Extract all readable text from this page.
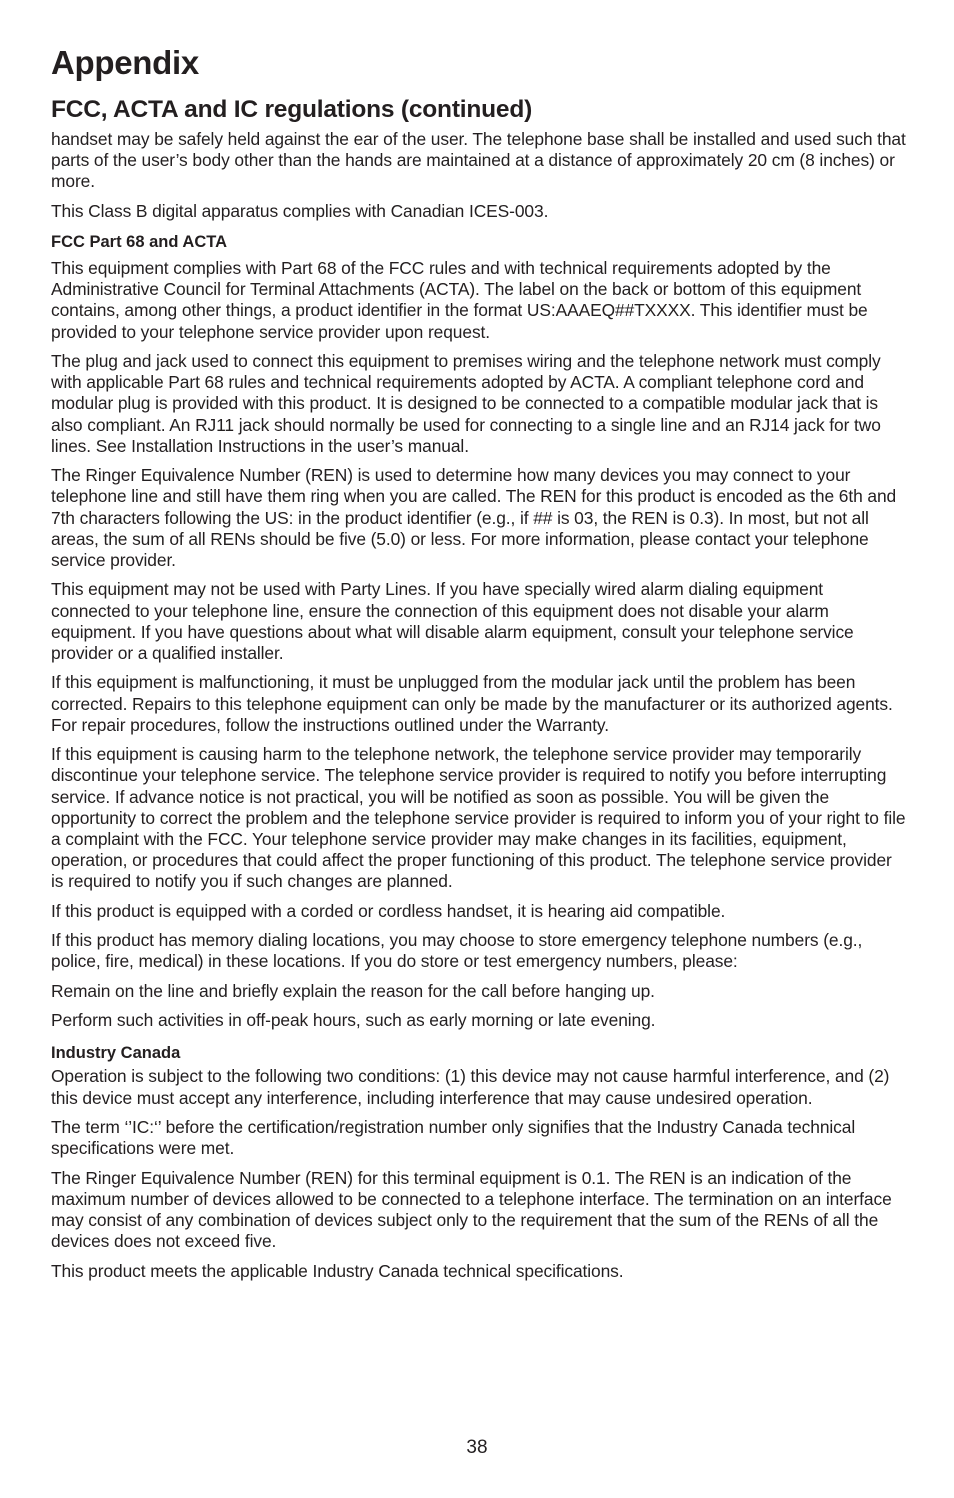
Appendix
FCC, ACTA and IC regulations (continued)

handset may be safely held against the ear of the user. The telephone base shall be installed and used such that parts of the user’s body other than the hands are maintained at a distance of approximately 20 cm (8 inches) or more.

This Class B digital apparatus complies with Canadian ICES-003.

FCC Part 68 and ACTA

This equipment complies with Part 68 of the FCC rules and with technical requirements adopted by the Administrative Council for Terminal Attachments (ACTA). The label on the back or bottom of this equipment contains, among other things, a product identifier in the format US:AAAEQ##TXXXX. This identifier must be provided to your telephone service provider upon request.

The plug and jack used to connect this equipment to premises wiring and the telephone network must comply with applicable Part 68 rules and technical requirements adopted by ACTA. A compliant telephone cord and modular plug is provided with this product. It is designed to be connected to a compatible modular jack that is also compliant. An RJ11 jack should normally be used for connecting to a single line and an RJ14 jack for two lines. See Installation Instructions in the user’s manual.

The Ringer Equivalence Number (REN) is used to determine how many devices you may connect to your telephone line and still have them ring when you are called. The REN for this product is encoded as the 6th and 7th characters following the US: in the product identifier (e.g., if ## is 03, the REN is 0.3). In most, but not all areas, the sum of all RENs should be five (5.0) or less. For more information, please contact your telephone service provider.

This equipment may not be used with Party Lines. If you have specially wired alarm dialing equipment connected to your telephone line, ensure the connection of this equipment does not disable your alarm equipment. If you have questions about what will disable alarm equipment, consult your telephone service provider or a qualified installer.

If this equipment is malfunctioning, it must be unplugged from the modular jack until the problem has been corrected. Repairs to this telephone equipment can only be made by the manufacturer or its authorized agents. For repair procedures, follow the instructions outlined under the Warranty.

If this equipment is causing harm to the telephone network, the telephone service provider may temporarily discontinue your telephone service. The telephone service provider is required to notify you before interrupting service. If advance notice is not practical, you will be notified as soon as possible. You will be given the opportunity to correct the problem and the telephone service provider is required to inform you of your right to file a complaint with the FCC. Your telephone service provider may make changes in its facilities, equipment, operation, or procedures that could affect the proper functioning of this product. The telephone service provider is required to notify you if such changes are planned.

If this product is equipped with a corded or cordless handset, it is hearing aid compatible.

If this product has memory dialing locations, you may choose to store emergency telephone numbers (e.g., police, fire, medical) in these locations. If you do store or test emergency numbers, please:

Remain on the line and briefly explain the reason for the call before hanging up.

Perform such activities in off-peak hours, such as early morning or late evening.

Industry Canada

Operation is subject to the following two conditions: (1) this device may not cause harmful interference, and (2) this device must accept any interference, including interference that may cause undesired operation.

The term ‘’IC:‘’ before the certification/registration number only signifies that the Industry Canada technical specifications were met.

The Ringer Equivalence Number (REN) for this terminal equipment is 0.1. The REN is an indication of the maximum number of devices allowed to be connected to a telephone interface. The termination on an interface may consist of any combination of devices subject only to the requirement that the sum of the RENs of all the devices does not exceed five.

This product meets the applicable Industry Canada technical specifications.

38
